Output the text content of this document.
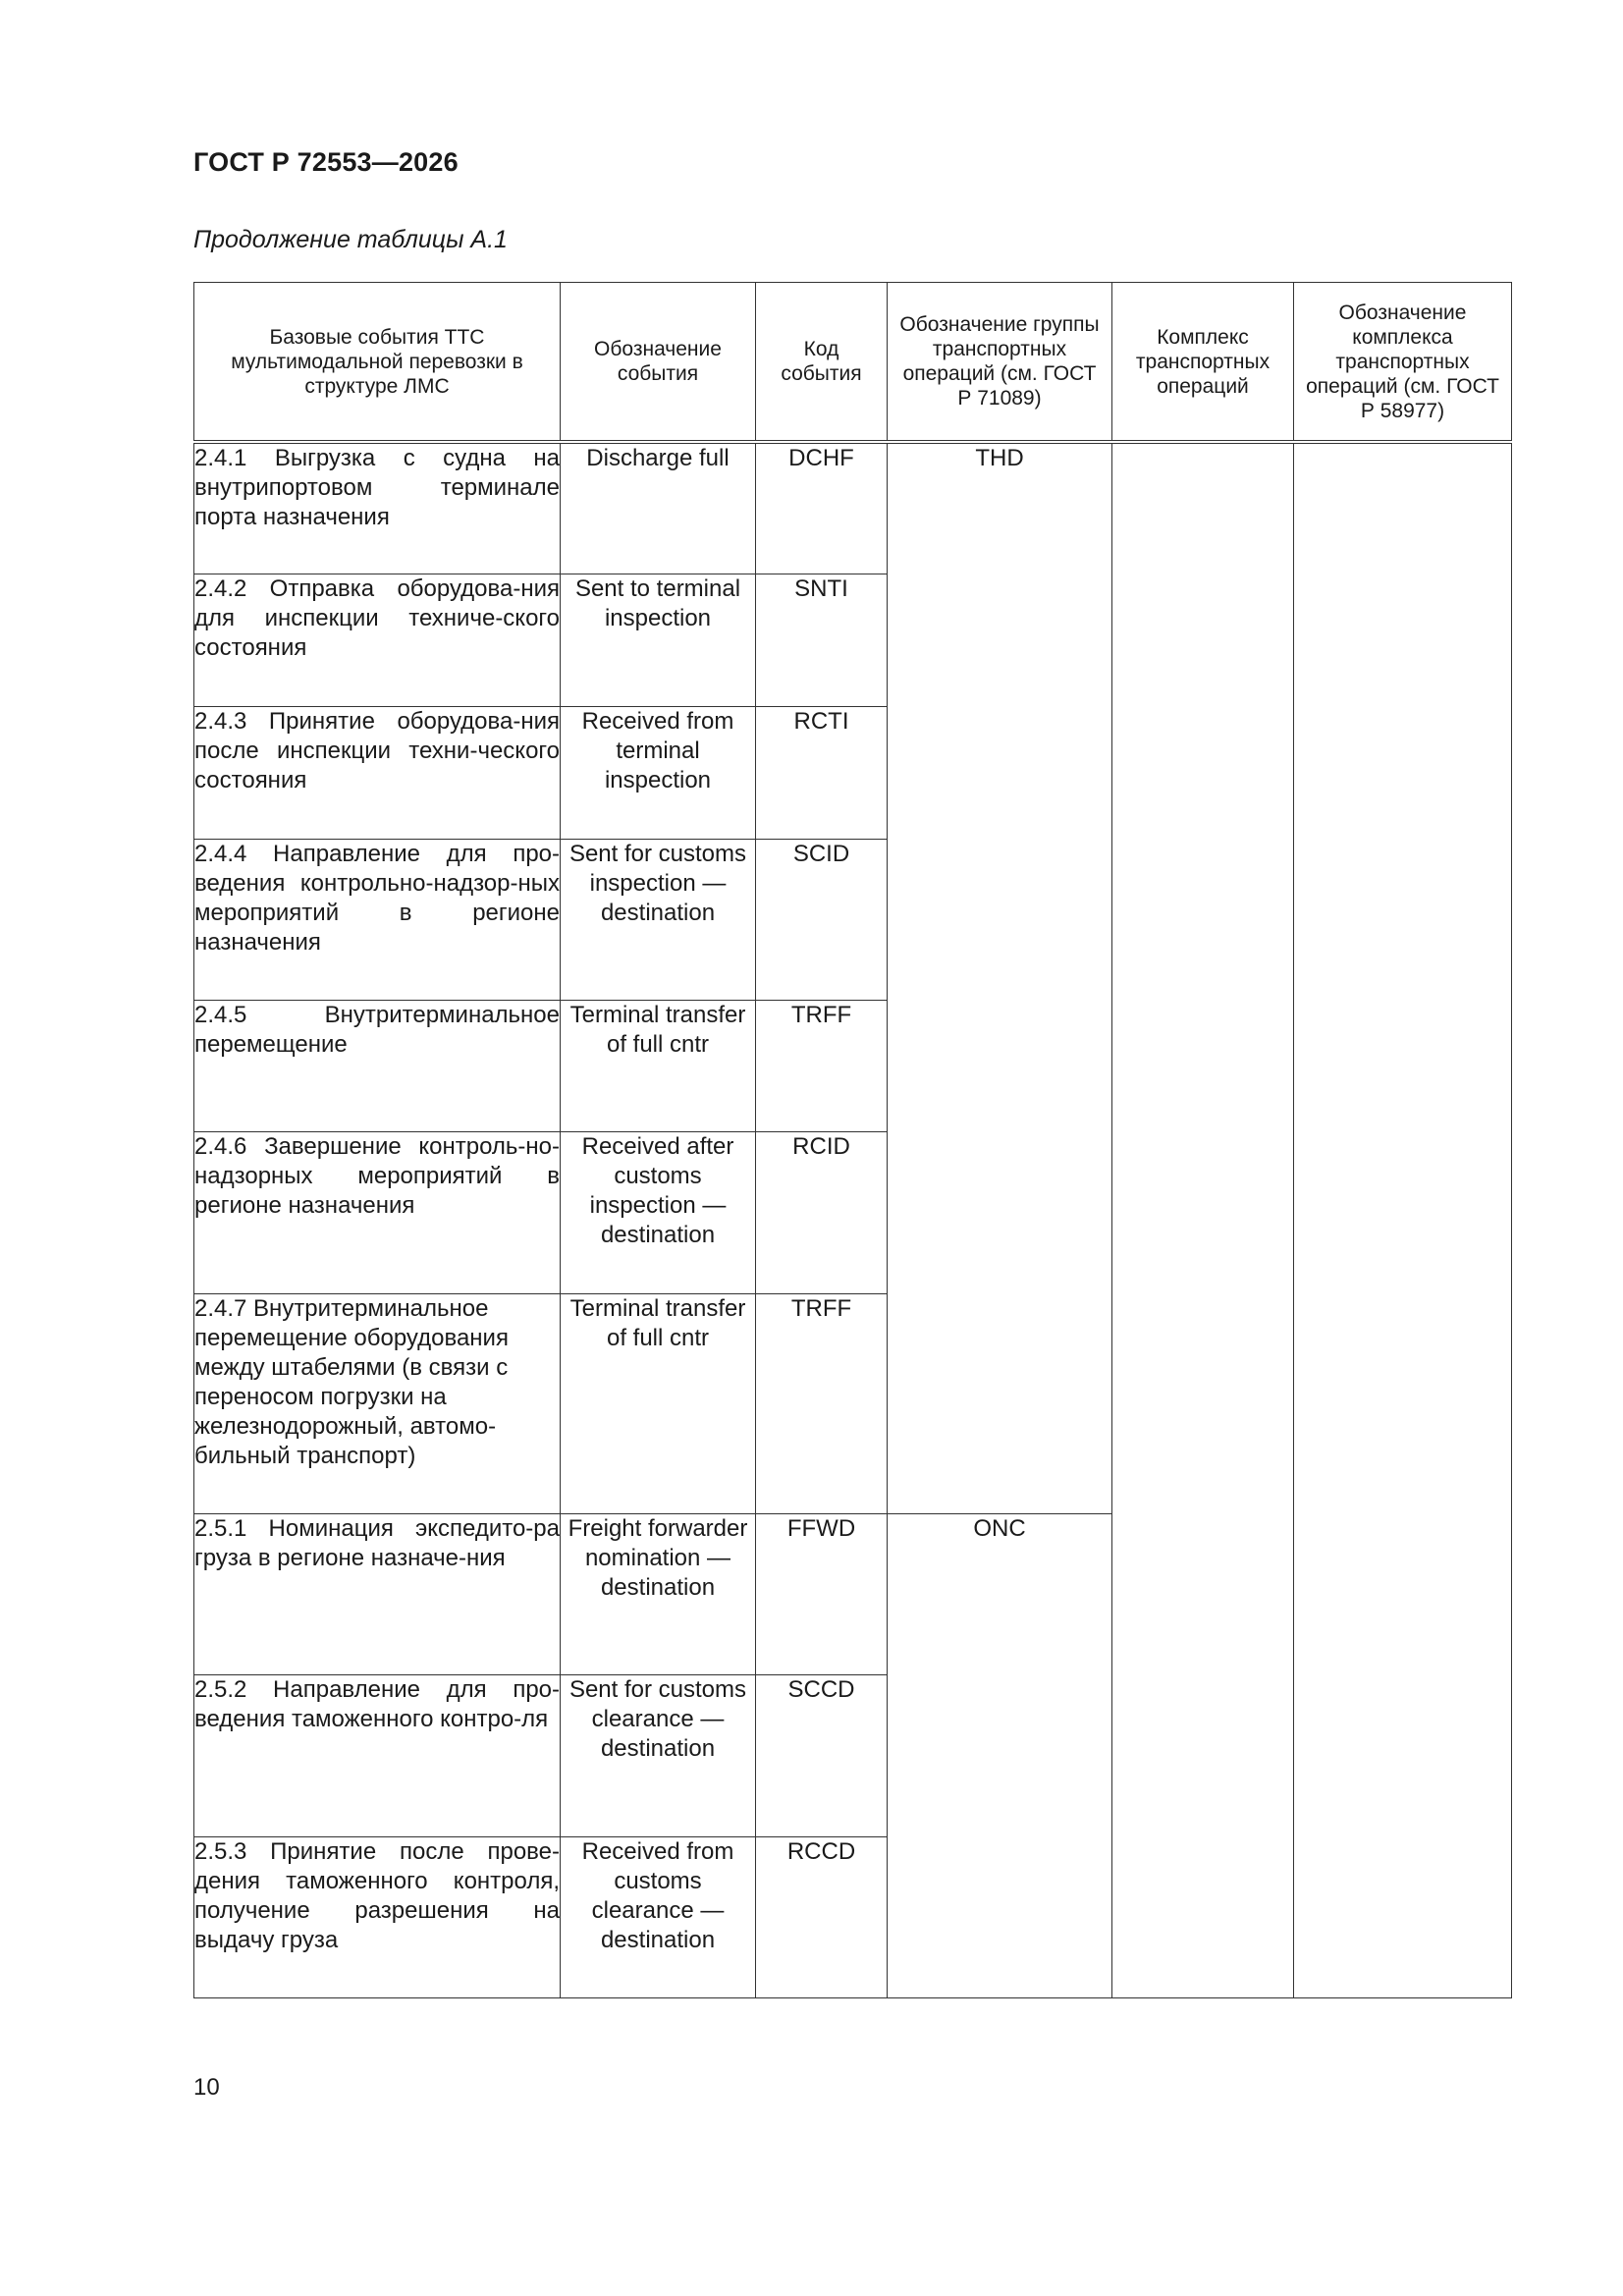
ГОСТ Р 72553—2026
Продолжение таблицы А.1
Базовые события ТТС мультимодальной перевозки в структуре ЛМС	Обозначение события	Код события	Обозначение группы транспортных операций (см. ГОСТ Р 71089)	Комплекс транспортных операций	Обозначение комплекса транспортных операций (см. ГОСТ Р 58977)

2.4.1 Выгрузка с судна на внутрипортовом терминале порта назначения	Discharge full	DCHF	THD		

2.4.2 Отправка оборудова-ния для инспекции техниче-ского состояния	Sent to terminal inspection	SNTI			

2.4.3 Принятие оборудова-ния после инспекции техни-ческого состояния	Received from terminal inspection	RCTI			

2.4.4 Направление для про-ведения контрольно-надзор-ных мероприятий в регионе назначения	Sent for customs inspection — destination	SCID			

2.4.5 Внутритерминальное перемещение	Terminal transfer of full cntr	TRFF			

2.4.6 Завершение контроль-но-надзорных мероприятий в регионе назначения	Received after customs inspection — destination	RCID			

2.4.7 Внутритерминальное перемещение оборудования между штабелями (в связи с переносом погрузки на железнодорожный, автомо-бильный транспорт)	Terminal transfer of full cntr	TRFF			

2.5.1 Номинация экспедито-ра груза в регионе назначе-ния	Freight forwarder nomination — destination	FFWD	ONC		

2.5.2 Направление для про-ведения таможенного контро-ля	Sent for customs clearance — destination	SCCD			

2.5.3 Принятие после прове-дения таможенного контроля, получение разрешения на выдачу груза	Received from customs clearance — destination	RCCD			
10
